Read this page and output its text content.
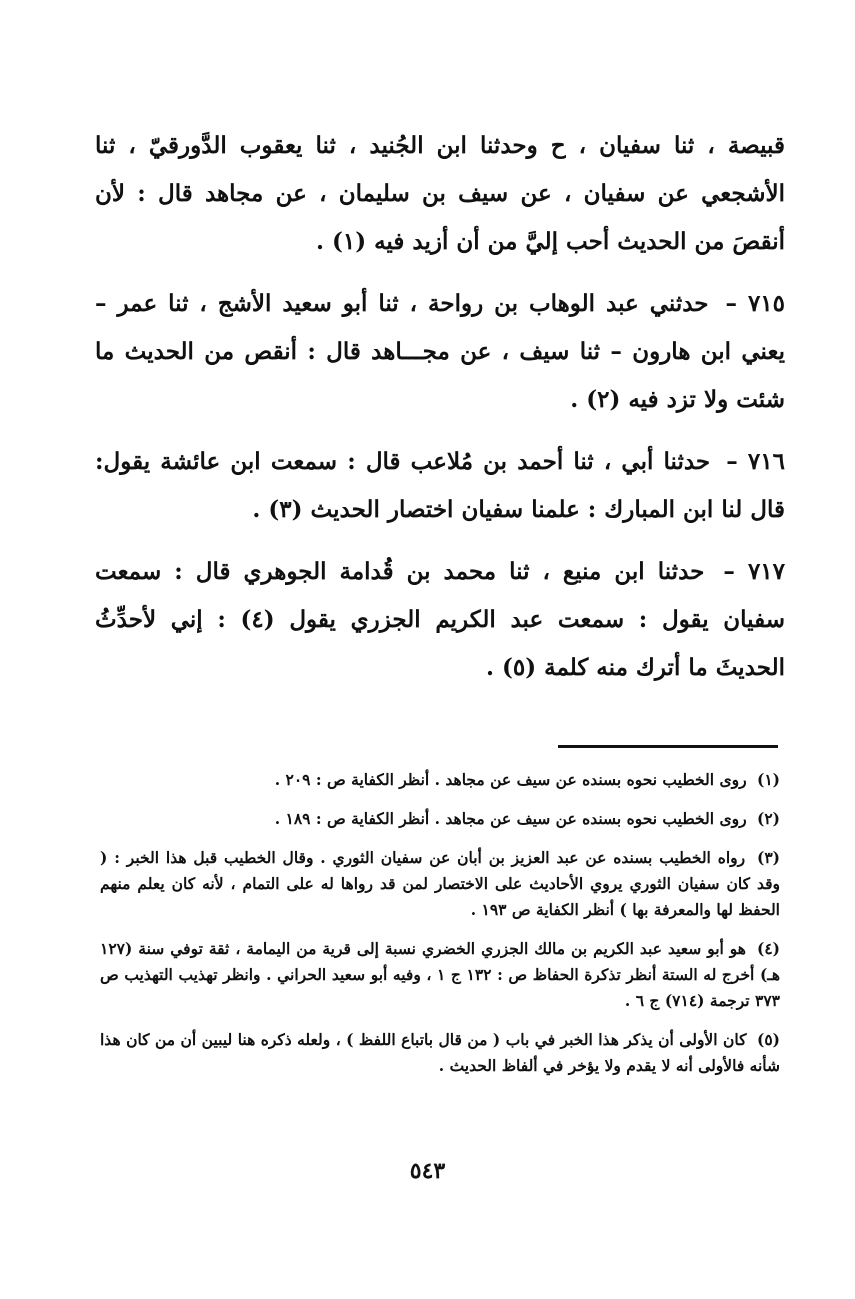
قبيصة ، ثنا سفيان ، ح وحدثنا ابن الجُنيد ، ثنا يعقوب الدَّورقيّ ، ثنا الأشجعي عن سفيان ، عن سيف بن سليمان ، عن مجاهد قال : لأن أنقصَ من الحديث أحب إليَّ من أن أزيد فيه (١) .

٧١٥ – حدثني عبد الوهاب بن رواحة ، ثنا أبو سعيد الأشج ، ثنا عمر – يعني ابن هارون – ثنا سيف ، عن مجـــاهد قال : أنقص من الحديث ما شئت ولا تزد فيه (٢) .

٧١٦ – حدثنا أبي ، ثنا أحمد بن مُلاعب قال : سمعت ابن عائشة يقول: قال لنا ابن المبارك : علمنا سفيان اختصار الحديث (٣) .

٧١٧ – حدثنا ابن منيع ، ثنا محمد بن قُدامة الجوهري قال : سمعت سفيان يقول : سمعت عبد الكريم الجزري يقول (٤) : إني لأحدِّثُ الحديثَ ما أترك منه كلمة (٥) .

(١) روى الخطيب نحوه بسنده عن سيف عن مجاهد . أنظر الكفاية ص : ٢٠٩ .

(٢) روى الخطيب نحوه بسنده عن سيف عن مجاهد . أنظر الكفاية ص : ١٨٩ .

(٣) رواه الخطيب بسنده عن عبد العزيز بن أبان عن سفيان الثوري . وقال الخطيب قبل هذا الخبر : ( وقد كان سفيان الثوري يروي الأحاديث على الاختصار لمن قد رواها له على التمام ، لأنه كان يعلم منهم الحفظ لها والمعرفة بها ) أنظر الكفاية ص ١٩٣ .

(٤) هو أبو سعيد عبد الكريم بن مالك الجزري الخضري نسبة إلى قرية من اليمامة ، ثقة توفي سنة (١٢٧ هـ) أخرج له الستة أنظر تذكرة الحفاظ ص : ١٣٢ ج ١ ، وفيه أبو سعيد الحراني . وانظر تهذيب التهذيب ص ٣٧٣ ترجمة (٧١٤) ج ٦ .

(٥) كان الأولى أن يذكر هذا الخبر في باب ( من قال باتباع اللفظ ) ، ولعله ذكره هنا ليبين أن من كان هذا شأنه فالأولى أنه لا يقدم ولا يؤخر في ألفاظ الحديث .

٥٤٣
